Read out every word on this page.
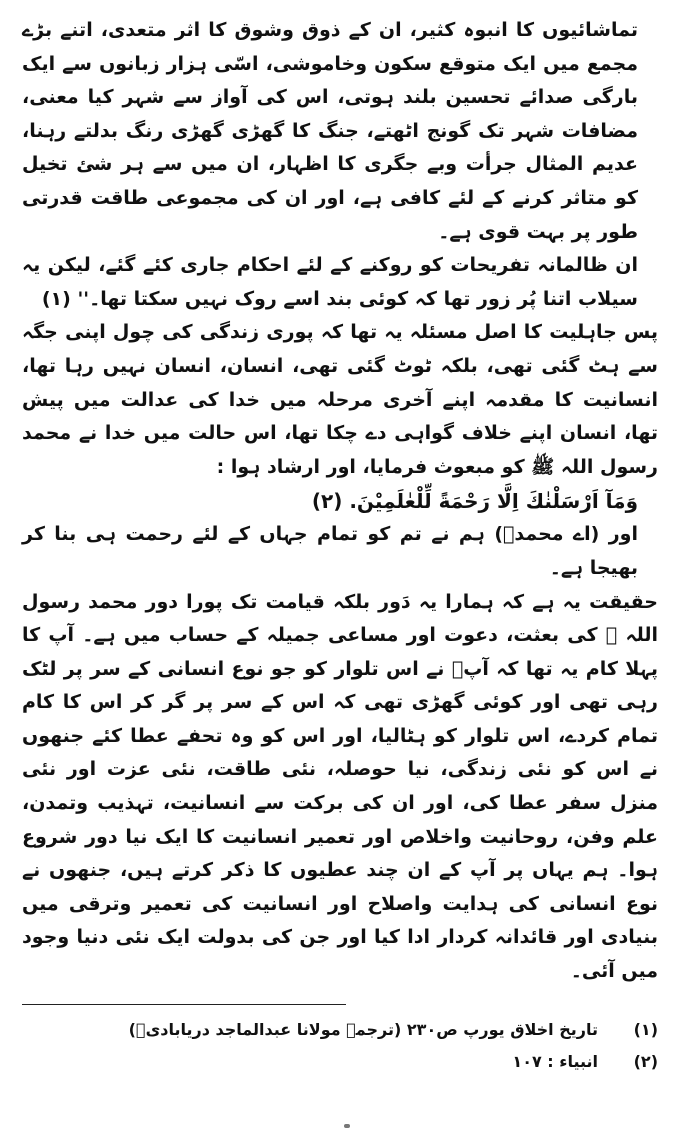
تماشائیوں کا انبوہ کثیر، ان کے ذوق وشوق کا اثر متعدی، اتنے بڑے مجمع میں ایک متوقع سکون وخاموشی، اسّی ہزار زبانوں سے ایک بارگی صدائے تحسین بلند ہوتی، اس کی آواز سے شہر کیا معنی، مضافات شہر تک گونج اٹھتے، جنگ کا گھڑی گھڑی رنگ بدلتے رہنا، عدیم المثال جرأت وبے جگری کا اظہار، ان میں سے ہر شئ تخیل کو متاثر کرنے کے لئے کافی ہے، اور ان کی مجموعی طاقت قدرتی طور پر بہت قوی ہے۔

ان ظالمانہ تفریحات کو روکنے کے لئے احکام جاری کئے گئے، لیکن یہ سیلاب اتنا پُر زور تھا کہ کوئی بند اسے روک نہیں سکتا تھا۔'' (۱)

پس جاہلیت کا اصل مسئلہ یہ تھا کہ پوری زندگی کی چول اپنی جگہ سے ہٹ گئی تھی، بلکہ ٹوٹ گئی تھی، انسان، انسان نہیں رہا تھا، انسانیت کا مقدمہ اپنے آخری مرحلہ میں خدا کی عدالت میں پیش تھا، انسان اپنے خلاف گواہی دے چکا تھا، اس حالت میں خدا نے محمد رسول اللہ ﷺ کو مبعوث فرمایا، اور ارشاد ہوا :

وَمَآ اَرْسَلْنٰكَ اِلَّا رَحْمَةً لِّلْعٰلَمِيْنَ. (۲)

اور (اے محمدؐ) ہم نے تم کو تمام جہاں کے لئے رحمت ہی بنا کر بھیجا ہے۔

حقیقت یہ ہے کہ ہمارا یہ دَور بلکہ قیامت تک پورا دور محمد رسول اللہ ﷺ کی بعثت، دعوت اور مساعی جمیلہ کے حساب میں ہے۔ آپ کا پہلا کام یہ تھا کہ آپؐ نے اس تلوار کو جو نوع انسانی کے سر پر لٹک رہی تھی اور کوئی گھڑی تھی کہ اس کے سر پر گر کر اس کا کام تمام کردے، اس تلوار کو ہٹالیا، اور اس کو وہ تحفے عطا کئے جنھوں نے اس کو نئی زندگی، نیا حوصلہ، نئی طاقت، نئی عزت اور نئی منزل سفر عطا کی، اور ان کی برکت سے انسانیت، تہذیب وتمدن، علم وفن، روحانیت واخلاص اور تعمیر انسانیت کا ایک نیا دور شروع ہوا۔ ہم یہاں پر آپ کے ان چند عطیوں کا ذکر کرتے ہیں، جنھوں نے نوع انسانی کی ہدایت واصلاح اور انسانیت کی تعمیر وترقی میں بنیادی اور قائدانہ کردار ادا کیا اور جن کی بدولت ایک نئی دنیا وجود میں آئی۔

(۱)
تاریخ اخلاق یورپ ص۲۳۰ (ترجمہ مولانا عبدالماجد دریابادیؒ)
(۲)
انبیاء : ۱۰۷
